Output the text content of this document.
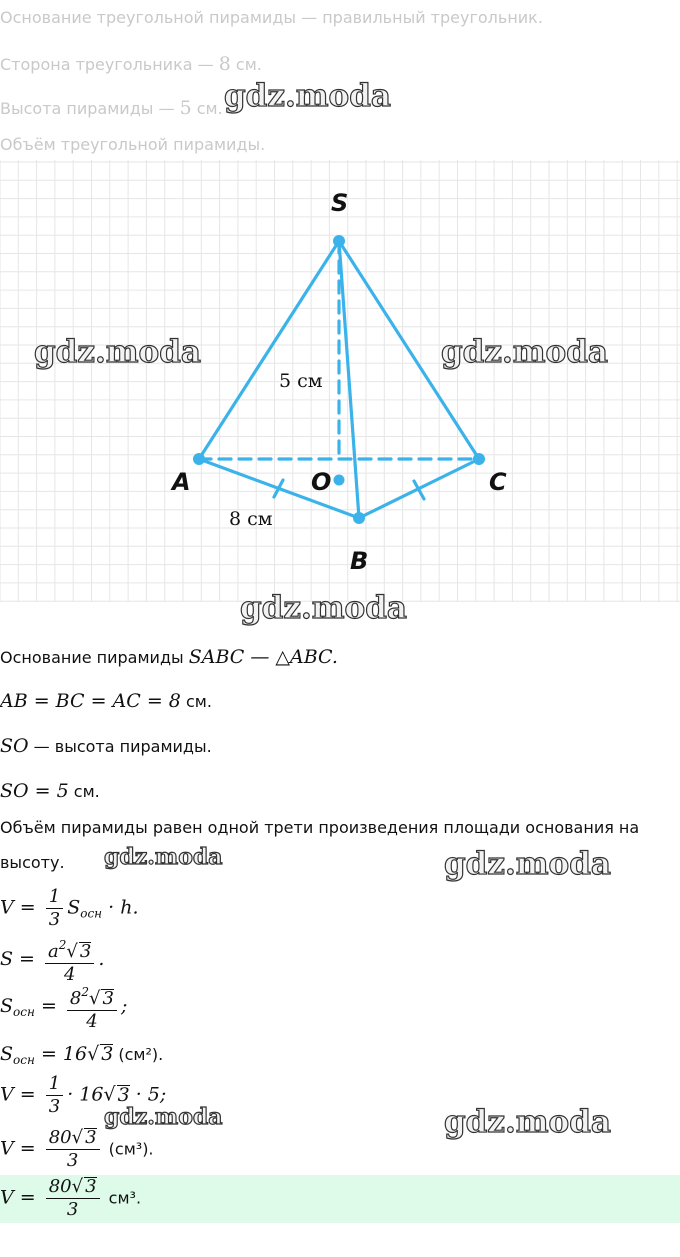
Основание треугольной пирамиды — правильный треугольник.
Сторона треугольника — 8 см.
Высота пирамиды — 5 см.
Объём треугольной пирамиды.
S
A	O	C
B
5 см
8 см
gdz.moda
gdz.moda	gdz.moda
gdz.moda
Основание пирамиды SABC — △ABC.
AB = BC = AC = 8 см.
SO — высота пирамиды.
SO = 5 см.
Объём пирамиды равен одной трети произведения площади основания на
высоту.
$V = \frac{1}{3} S_{осн} \cdot h$.
$S = \frac{a^2√ 3}{4}$ .
$S_{осн} = \frac{8^2√ 3}{4}$ ;
$S_{осн} = 16√$ 3 (см²).
$V = \frac{1}{3} \cdot 16√$ 3 · 5;
$V = \frac{80√ 3}{3} (см^3)$.
$V = \frac{80√ 3}{3} см^3$.
gdz.moda	gdz.moda
gdz.moda	gdz.moda
